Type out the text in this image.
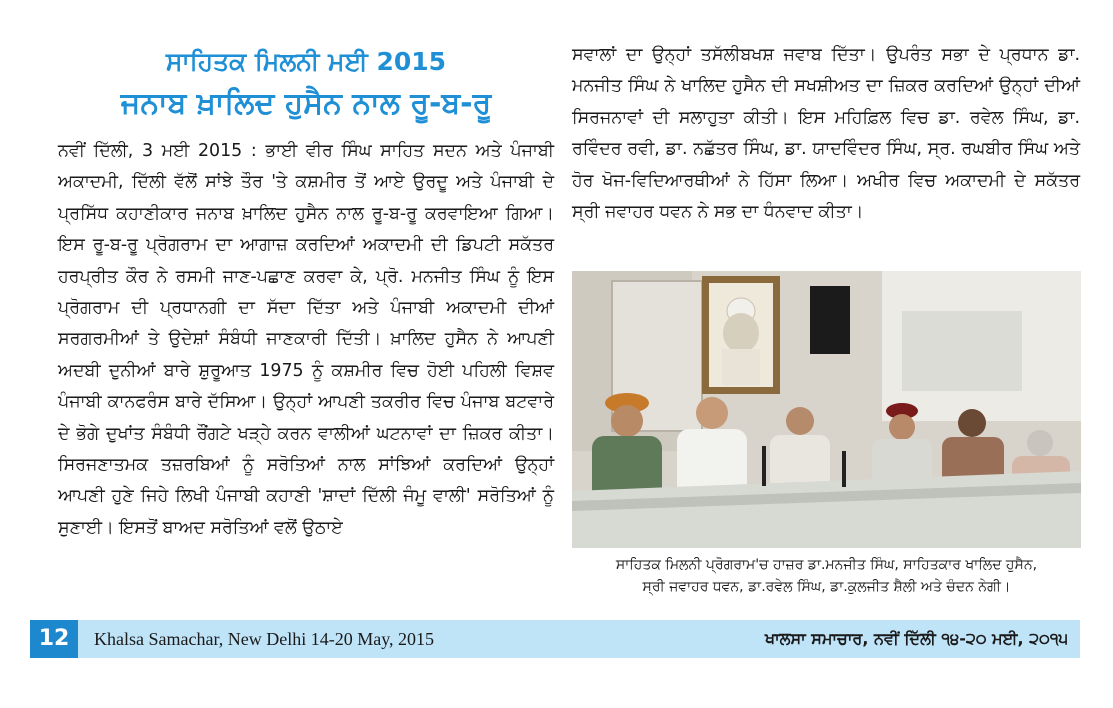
ਸਾਹਿਤਕ ਮਿਲਨੀ ਮਈ 2015
ਜਨਾਬ ਖ਼ਾਲਿਦ ਹੁਸੈਨ ਨਾਲ ਰੂ-ਬ-ਰੂ

ਨਵੀਂ ਦਿੱਲੀ, 3 ਮਈ 2015 : ਭਾਈ ਵੀਰ ਸਿੰਘ ਸਾਹਿਤ ਸਦਨ ਅਤੇ ਪੰਜਾਬੀ ਅਕਾਦਮੀ, ਦਿੱਲੀ ਵੱਲੋਂ ਸਾਂਝੇ ਤੌਰ 'ਤੇ ਕਸ਼ਮੀਰ ਤੋਂ ਆਏ ਉਰਦੂ ਅਤੇ ਪੰਜਾਬੀ ਦੇ ਪ੍ਰਸਿੱਧ ਕਹਾਣੀਕਾਰ ਜਨਾਬ ਖ਼ਾਲਿਦ ਹੁਸੈਨ ਨਾਲ ਰੂ-ਬ-ਰੂ ਕਰਵਾਇਆ ਗਿਆ। ਇਸ ਰੂ-ਬ-ਰੂ ਪ੍ਰੋਗਰਾਮ ਦਾ ਆਗਾਜ਼ ਕਰਦਿਆਂ ਅਕਾਦਮੀ ਦੀ ਡਿਪਟੀ ਸਕੱਤਰ ਹਰਪ੍ਰੀਤ ਕੌਰ ਨੇ ਰਸਮੀ ਜਾਣ-ਪਛਾਣ ਕਰਵਾ ਕੇ, ਪ੍ਰੋ. ਮਨਜੀਤ ਸਿੰਘ ਨੂੰ ਇਸ ਪ੍ਰੋਗਰਾਮ ਦੀ ਪ੍ਰਧਾਨਗੀ ਦਾ ਸੱਦਾ ਦਿੱਤਾ ਅਤੇ ਪੰਜਾਬੀ ਅਕਾਦਮੀ ਦੀਆਂ ਸਰਗਰਮੀਆਂ ਤੇ ਉਦੇਸ਼ਾਂ ਸੰਬੰਧੀ ਜਾਣਕਾਰੀ ਦਿੱਤੀ। ਖ਼ਾਲਿਦ ਹੁਸੈਨ ਨੇ ਆਪਣੀ ਅਦਬੀ ਦੁਨੀਆਂ ਬਾਰੇ ਸ਼ੁਰੂਆਤ 1975 ਨੂੰ ਕਸ਼ਮੀਰ ਵਿਚ ਹੋਈ ਪਹਿਲੀ ਵਿਸ਼ਵ ਪੰਜਾਬੀ ਕਾਨਫਰੰਸ ਬਾਰੇ ਦੱਸਿਆ। ਉਨ੍ਹਾਂ ਆਪਣੀ ਤਕਰੀਰ ਵਿਚ ਪੰਜਾਬ ਬਟਵਾਰੇ ਦੇ ਭੋਗੇ ਦੁਖਾਂਤ ਸੰਬੰਧੀ ਰੌਂਗਟੇ ਖੜ੍ਹੇ ਕਰਨ ਵਾਲੀਆਂ ਘਟਨਾਵਾਂ ਦਾ ਜ਼ਿਕਰ ਕੀਤਾ। ਸਿਰਜਣਾਤਮਕ ਤਜ਼ਰਬਿਆਂ ਨੂੰ ਸਰੋਤਿਆਂ ਨਾਲ ਸਾਂਝਿਆਂ ਕਰਦਿਆਂ ਉਨ੍ਹਾਂ ਆਪਣੀ ਹੁਣੇ ਜਿਹੇ ਲਿਖੀ ਪੰਜਾਬੀ ਕਹਾਣੀ 'ਸ਼ਾਦਾਂ ਦਿੱਲੀ ਜੰਮੂ ਵਾਲੀ' ਸਰੋਤਿਆਂ ਨੂੰ ਸੁਣਾਈ। ਇਸਤੋਂ ਬਾਅਦ ਸਰੋਤਿਆਂ ਵਲੋਂ ਉਠਾਏ

ਸਵਾਲਾਂ ਦਾ ਉਨ੍ਹਾਂ ਤਸੱਲੀਬਖਸ਼ ਜਵਾਬ ਦਿੱਤਾ। ਉਪਰੰਤ ਸਭਾ ਦੇ ਪ੍ਰਧਾਨ ਡਾ. ਮਨਜੀਤ ਸਿੰਘ ਨੇ ਖਾਲਿਦ ਹੁਸੈਨ ਦੀ ਸਖਸ਼ੀਅਤ ਦਾ ਜ਼ਿਕਰ ਕਰਦਿਆਂ ਉਨ੍ਹਾਂ ਦੀਆਂ ਸਿਰਜਨਾਵਾਂ ਦੀ ਸਲਾਹੁਤਾ ਕੀਤੀ। ਇਸ ਮਹਿਫ਼ਿਲ ਵਿਚ ਡਾ. ਰਵੇਲ ਸਿੰਘ, ਡਾ. ਰਵਿੰਦਰ ਰਵੀ, ਡਾ. ਨਛੱਤਰ ਸਿੰਘ, ਡਾ. ਯਾਦਵਿੰਦਰ ਸਿੰਘ, ਸ੍ਰ. ਰਘਬੀਰ ਸਿੰਘ ਅਤੇ ਹੋਰ ਖੋਜ-ਵਿਦਿਆਰਥੀਆਂ ਨੇ ਹਿੱਸਾ ਲਿਆ। ਅਖੀਰ ਵਿਚ ਅਕਾਦਮੀ ਦੇ ਸਕੱਤਰ ਸ੍ਰੀ ਜਵਾਹਰ ਧਵਨ ਨੇ ਸਭ ਦਾ ਧੰਨਵਾਦ ਕੀਤਾ।

ਸਾਹਿਤਕ ਮਿਲਨੀ ਪ੍ਰੋਗਰਾਮ'ਚ ਹਾਜ਼ਰ ਡਾ.ਮਨਜੀਤ ਸਿੰਘ, ਸਾਹਿਤਕਾਰ ਖਾਲਿਦ ਹੁਸੈਨ,
ਸ੍ਰੀ ਜਵਾਹਰ ਧਵਨ, ਡਾ.ਰਵੇਲ ਸਿੰਘ, ਡਾ.ਕੁਲਜੀਤ ਸ਼ੈਲੀ ਅਤੇ ਚੰਦਨ ਨੇਗੀ।
12	Khalsa Samachar, New Delhi 14-20 May, 2015	ਖਾਲਸਾ ਸਮਾਚਾਰ, ਨਵੀਂ ਦਿੱਲੀ ੧੪-੨੦ ਮਈ, ੨੦੧੫
